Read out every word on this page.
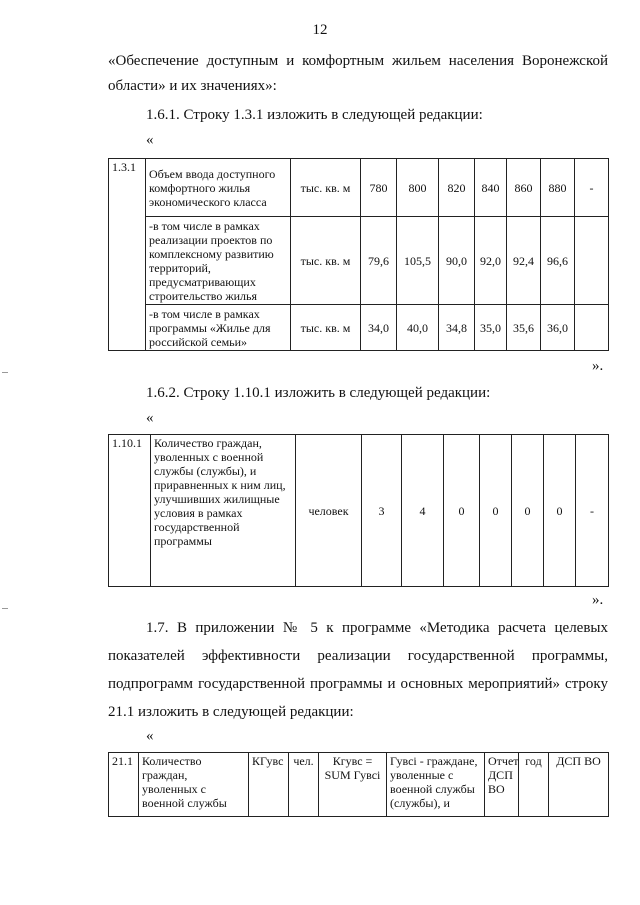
12
«Обеспечение доступным и комфортным жильем населения Воронежской
области» и их значениях»:
1.6.1. Строку 1.3.1 изложить в следующей редакции:
«
1.3.1	Объем ввода доступного комфортного жилья экономического класса	тыс. кв. м	780	800	820	840	860	880	-
	-в том числе в рамках реализации проектов по комплексному развитию территорий, предусматривающих строительство жилья	тыс. кв. м	79,6	105,5	90,0	92,0	92,4	96,6	
	-в том числе в рамках программы «Жилье для российской семьи»	тыс. кв. м	34,0	40,0	34,8	35,0	35,6	36,0	
».
1.6.2. Строку 1.10.1 изложить в следующей редакции:
«
1.10.1	Количество граждан, уволенных с военной службы (службы), и приравненных к ним лиц, улучшивших жилищные условия в рамках государственной программы	человек	3	4	0	0	0	0	-
».
1.7. В приложении № 5 к программе «Методика расчета целевых
показателей эффективности реализации государственной программы,
подпрограмм государственной программы и основных мероприятий» строку
21.1 изложить в следующей редакции:
«
21.1	Количество граждан, уволенных с военной службы	КГувс	чел.	Кгувс = SUM Гувсi	Гувсi - граждане, уволенные с военной службы (службы), и	Отчет ДСП ВО	год	ДСП ВО
